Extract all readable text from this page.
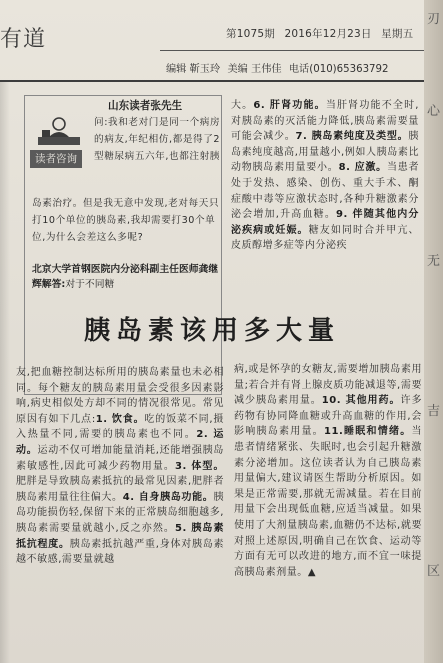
有道	第1075期 2016年12月23日 星期五
编辑 靳玉玲 美编 王伟佳 电话(010)65363792
刃
心
无
吉
区
山东读者张先生
读者咨询
问:我和老对门是同一个病房的病友,年纪相仿,都是得了2型糖尿病五六年,也都注射胰
岛素治疗。但是我无意中发现,老对每天只打10个单位的胰岛素,我却需要打30个单位,为什么会差这么多呢?
北京大学首钢医院内分泌科副主任医师龚继辉解答:对于不同糖
胰岛素该用多大量
大。6. 肝肾功能。当肝肾功能不全时,对胰岛素的灭活能力降低,胰岛素需要量可能会减少。7. 胰岛素纯度及类型。胰岛素纯度越高,用量越小,例如人胰岛素比动物胰岛素用量要小。8. 应激。当患者处于发热、感染、创伤、重大手术、酮症酸中毒等应激状态时,各种升糖激素分泌会增加,升高血糖。9. 伴随其他内分泌疾病或妊娠。糖友如同时合并甲亢、皮质醇增多症等内分泌疾
友,把血糖控制达标所用的胰岛素量也未必相同。每个糖友的胰岛素用量会受很多因素影响,病史相似处方却不同的情况很常见。常见原因有如下几点:1. 饮食。吃的饭菜不同,摄入热量不同,需要的胰岛素也不同。2. 运动。运动不仅可增加能量消耗,还能增强胰岛素敏感性,因此可减少药物用量。3. 体型。肥胖是导致胰岛素抵抗的最常见因素,肥胖者胰岛素用量往往偏大。4. 自身胰岛功能。胰岛功能损伤轻,保留下来的正常胰岛细胞越多,胰岛素需要量就越小,反之亦然。5. 胰岛素抵抗程度。胰岛素抵抗越严重,身体对胰岛素越不敏感,需要量就越
病,或是怀孕的女糖友,需要增加胰岛素用量;若合并有肾上腺皮质功能减退等,需要减少胰岛素用量。10. 其他用药。许多药物有协同降血糖或升高血糖的作用,会影响胰岛素用量。11.睡眠和情绪。当患者情绪紧张、失眠时,也会引起升糖激素分泌增加。这位读者认为自己胰岛素用量偏大,建议请医生帮助分析原因。如果是正常需要,那就无需减量。若在目前用量下会出现低血糖,应适当减量。如果使用了大剂量胰岛素,血糖仍不达标,就要对照上述原因,明确自己在饮食、运动等方面有无可以改进的地方,而不宜一味提高胰岛素剂量。▲
